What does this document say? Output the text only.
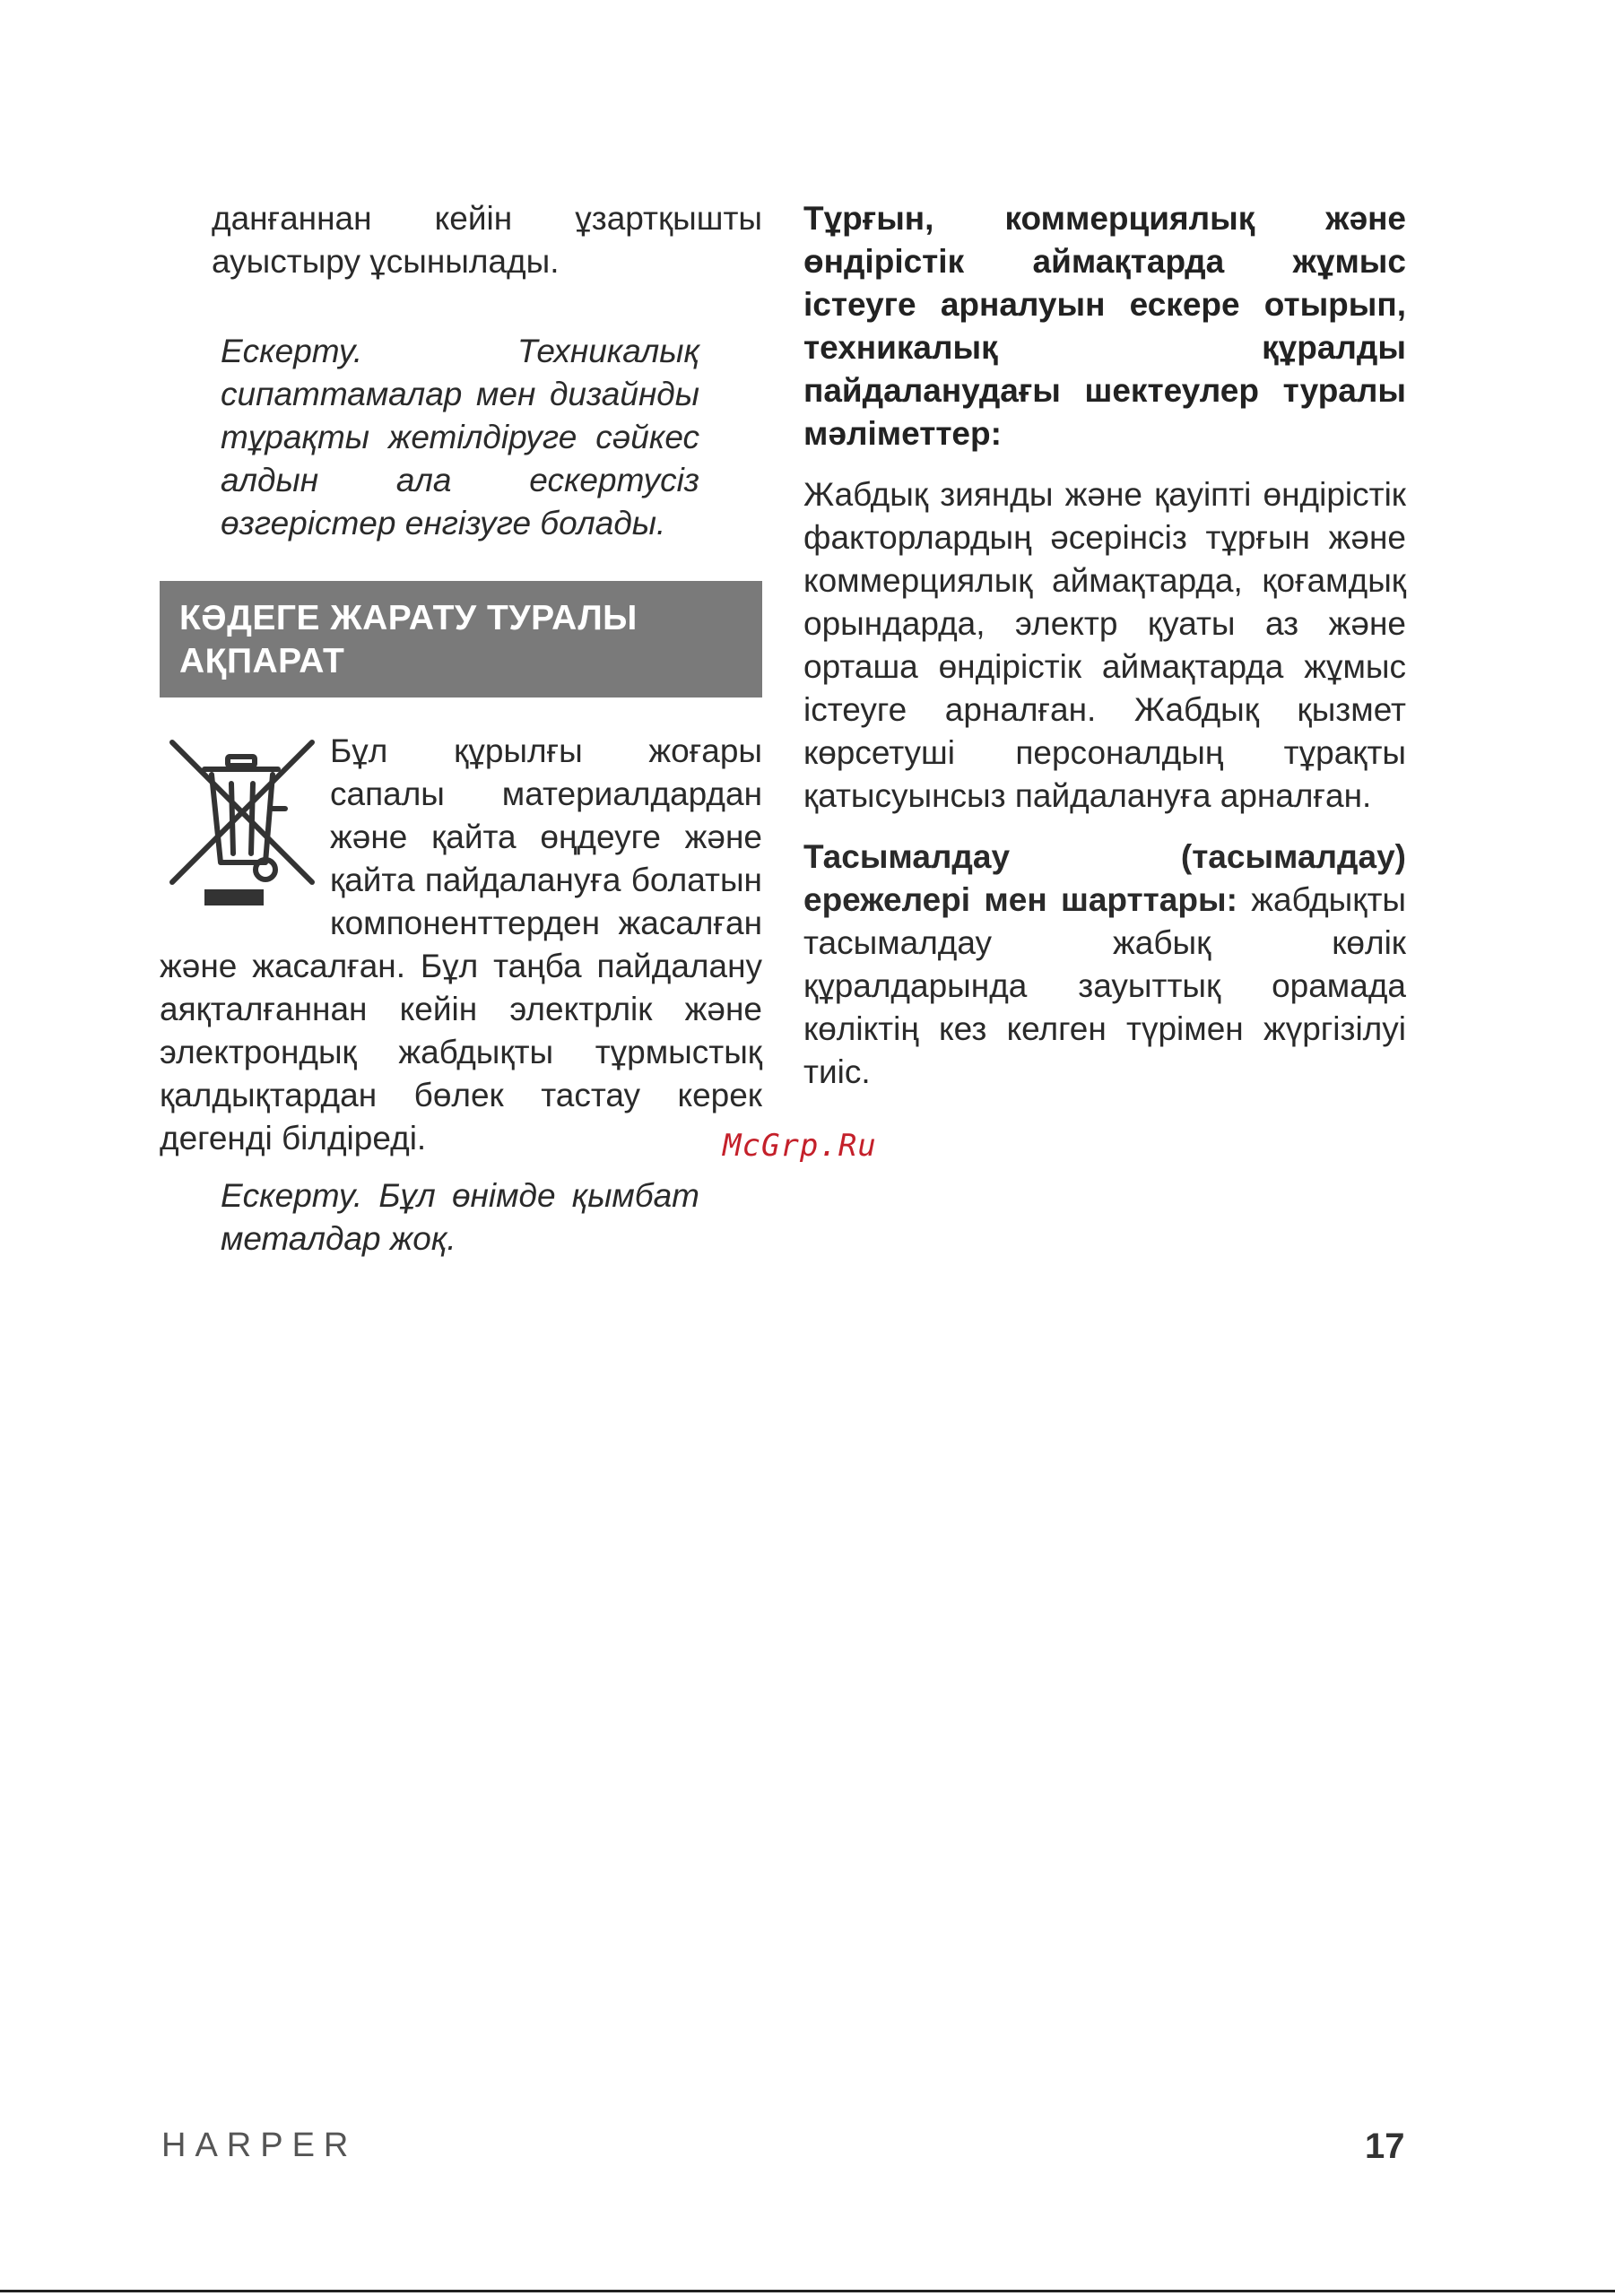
данғаннан кейін ұзартқышты ауыстыру ұсынылады.

Ескерту. Техникалық сипаттамалар мен дизайнды тұрақты жетілдіруге сәйкес алдын ала ескертусіз өзгерістер енгізуге болады.

КӘДЕГЕ ЖАРАТУ ТУРАЛЫ
АҚПАРАТ

Бұл құрылғы жоғары сапалы материалдардан және қайта өңдеуге және қайта пайдалануға болатын компоненттерден жасалған және жасалған. Бұл таңба пайдалану аяқталғаннан кейін электрлік және электрондық жабдықты тұрмыстық қалдықтардан бөлек тастау керек дегенді білдіреді.

Ескерту. Бұл өнімде қымбат металдар жоқ.

Тұрғын, коммерциялық және өндірістік аймақтарда жұмыс істеуге арналуын ескере отырып, техникалық құралды пайдаланудағы шектеулер туралы мәліметтер:

Жабдық зиянды және қауіпті өндірістік факторлардың әсерінсіз тұрғын және коммерциялық аймақтарда, қоғамдық орындарда, электр қуаты аз және орташа өндірістік аймақтарда жұмыс істеуге арналған. Жабдық қызмет көрсетуші персоналдың тұрақты қатысуынсыз пайдалануға арналған.

Тасымалдау (тасымалдау) ережелері мен шарттары: жабдықты тасымалдау жабық көлік құралдарында зауыттық орамада көліктің кез келген түрімен жүргізілуі тиіс.

McGrp.Ru
HARPER	17
